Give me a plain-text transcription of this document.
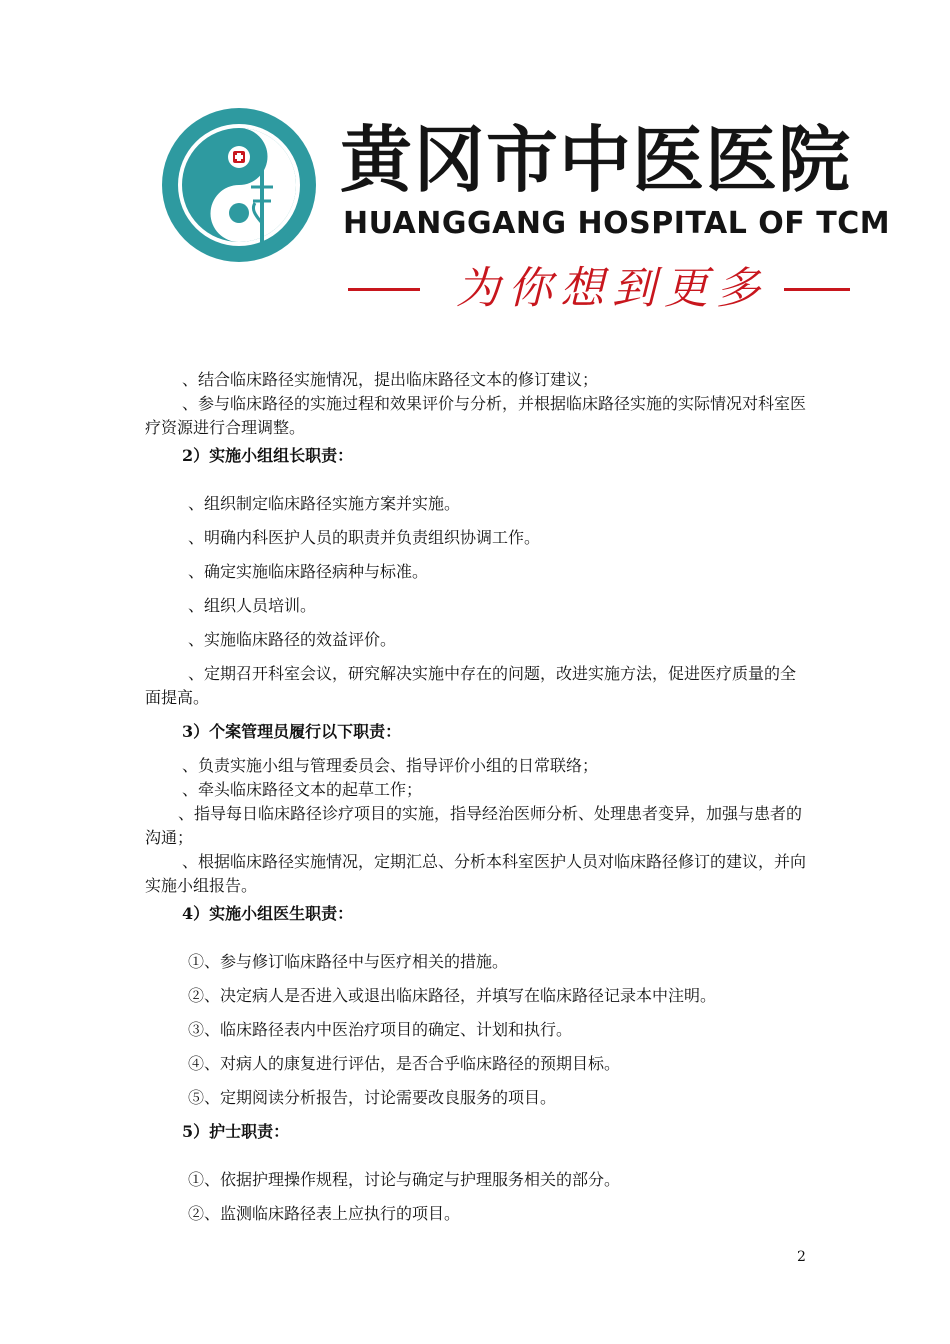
黄冈市中医医院
HUANGGANG HOSPITAL OF TCM
为你想到更多

、结合临床路径实施情况，提出临床路径文本的修订建议；

、参与临床路径的实施过程和效果评价与分析，并根据临床路径实施的实际情况对科室医疗资源进行合理调整。

2）实施小组组长职责：

、组织制定临床路径实施方案并实施。

、明确内科医护人员的职责并负责组织协调工作。

、确定实施临床路径病种与标准。

、组织人员培训。

、实施临床路径的效益评价。

、定期召开科室会议，研究解决实施中存在的问题，改进实施方法，促进医疗质量的全面提高。

3）个案管理员履行以下职责：

、负责实施小组与管理委员会、指导评价小组的日常联络；

、牵头临床路径文本的起草工作；

、指导每日临床路径诊疗项目的实施，指导经治医师分析、处理患者变异，加强与患者的沟通；

、根据临床路径实施情况，定期汇总、分析本科室医护人员对临床路径修订的建议，并向实施小组报告。

4）实施小组医生职责：

①、参与修订临床路径中与医疗相关的措施。

②、决定病人是否进入或退出临床路径，并填写在临床路径记录本中注明。

③、临床路径表内中医治疗项目的确定、计划和执行。

④、对病人的康复进行评估，是否合乎临床路径的预期目标。

⑤、定期阅读分析报告，讨论需要改良服务的项目。

5）护士职责：

①、依据护理操作规程，讨论与确定与护理服务相关的部分。

②、监测临床路径表上应执行的项目。

2
